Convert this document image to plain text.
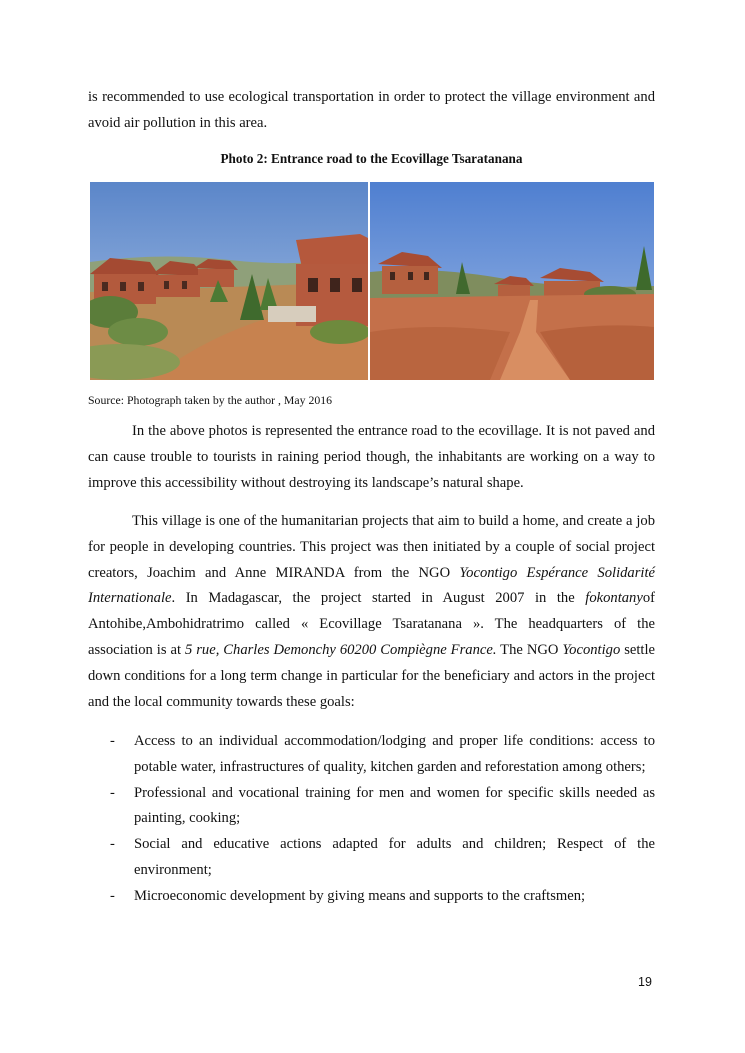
is recommended to use ecological transportation in order to protect the village environment and avoid air pollution in this area.

Photo 2: Entrance road to the Ecovillage Tsaratanana

Source: Photograph taken by the author , May 2016

In the above photos is represented the entrance road to the ecovillage. It is not paved and can cause trouble to tourists in raining period though, the inhabitants are working on a way to improve this accessibility without destroying its landscape’s natural shape.

This village is one of the humanitarian projects that aim to build a home, and create a job for people in developing countries. This project was then initiated by a couple of social project creators, Joachim and Anne MIRANDA from the NGO Yocontigo Espérance Solidarité Internationale. In Madagascar, the project started in August 2007 in the fokontanyof Antohibe,Ambohidratrimo called « Ecovillage Tsaratanana ». The headquarters of the association is at 5 rue, Charles Demonchy 60200 Compiègne France. The NGO Yocontigo settle down conditions for a long term change in particular for the beneficiary and actors in the project and the local community towards these goals:

- Access to an individual accommodation/lodging and proper life conditions: access to potable water, infrastructures of quality, kitchen garden and reforestation among others;
- Professional and vocational training for men and women for specific skills needed as painting, cooking;
- Social and educative actions adapted for adults and children; Respect of the environment;
- Microeconomic development by giving means and supports to the craftsmen;
19
